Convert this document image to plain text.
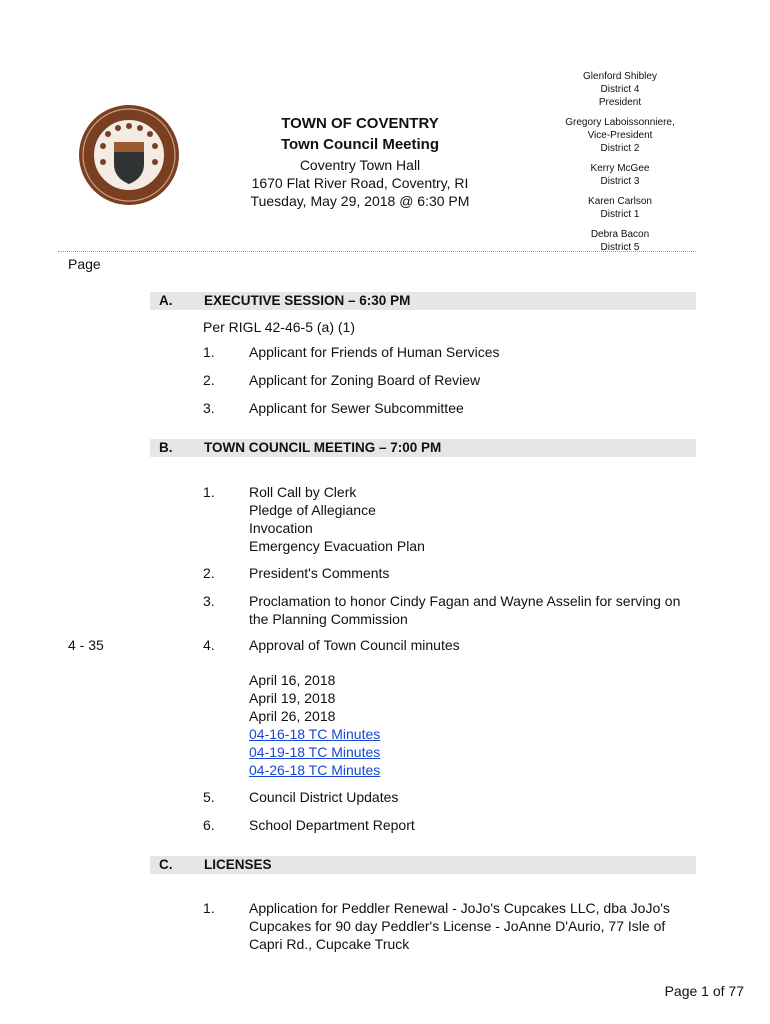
TOWN OF COVENTRY
Town Council Meeting
Coventry Town Hall
1670 Flat River Road, Coventry, RI
Tuesday, May 29, 2018 @ 6:30 PM
Glenford Shibley
District 4
President
Gregory Laboissonniere,
Vice-President
District 2
Kerry McGee
District 3
Karen Carlson
District 1
Debra Bacon
District 5
Page
A. EXECUTIVE SESSION – 6:30 PM
Per RIGL 42-46-5 (a) (1)
1. Applicant for Friends of Human Services
2. Applicant for Zoning Board of Review
3. Applicant for Sewer Subcommittee
B. TOWN COUNCIL MEETING – 7:00 PM
1. Roll Call by Clerk
Pledge of Allegiance
Invocation
Emergency Evacuation Plan
2. President's Comments
3. Proclamation to honor Cindy Fagan and Wayne Asselin for serving on
the Planning Commission
4 - 35	4. Approval of Town Council minutes
April 16, 2018
April 19, 2018
April 26, 2018
04-16-18 TC Minutes
04-19-18 TC Minutes
04-26-18 TC Minutes
5. Council District Updates
6. School Department Report
C. LICENSES
1. Application for Peddler Renewal - JoJo's Cupcakes LLC, dba JoJo's
Cupcakes for 90 day Peddler's License - JoAnne D'Aurio, 77 Isle of
Capri Rd., Cupcake Truck
Page 1 of 77
